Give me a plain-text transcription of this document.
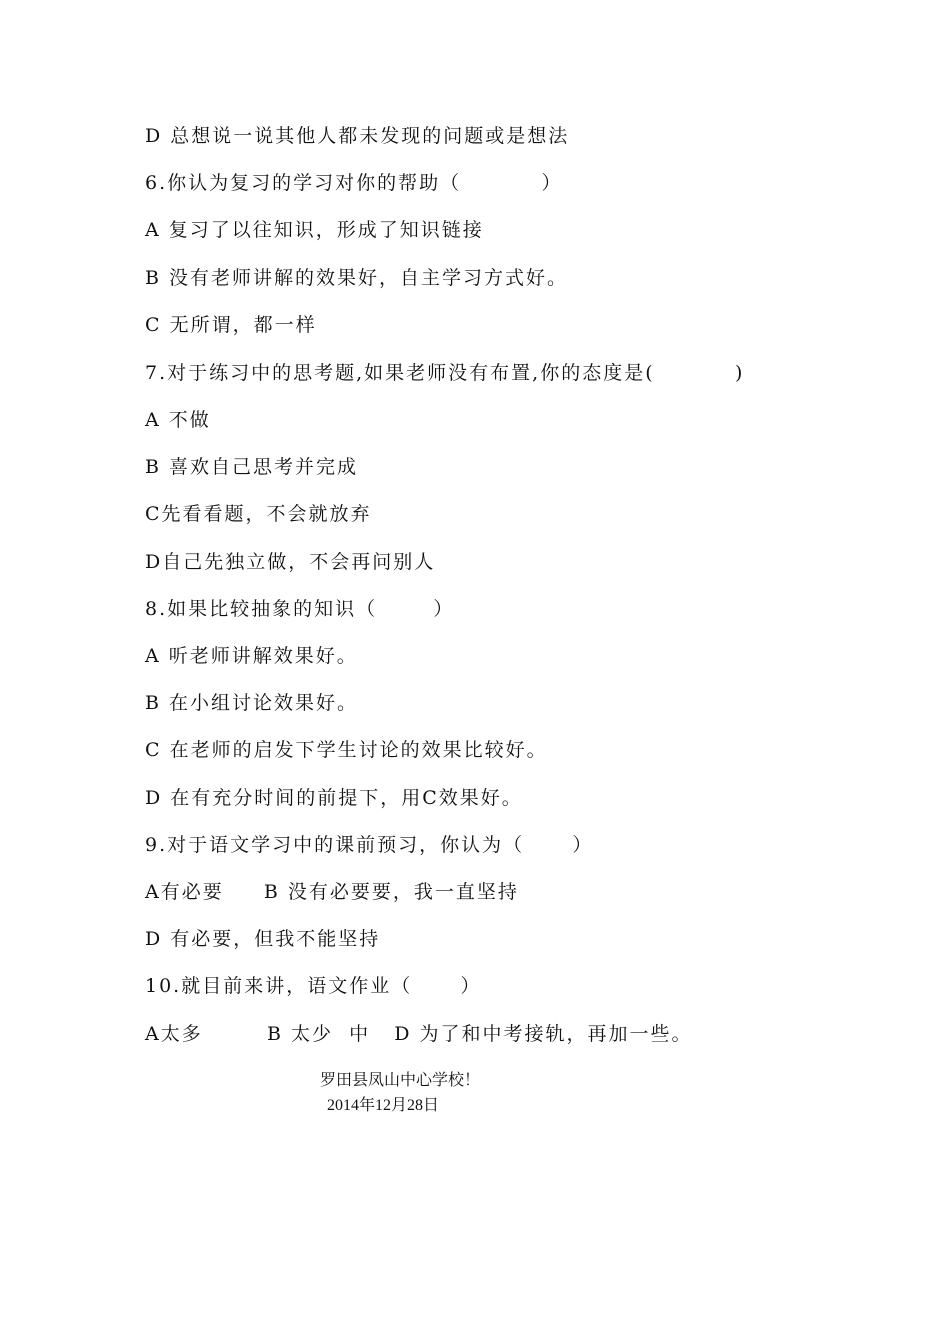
D 总想说一说其他人都未发现的问题或是想法
6.你认为复习的学习对你的帮助（          ）
A 复习了以往知识，形成了知识链接
B 没有老师讲解的效果好，自主学习方式好。
C 无所谓，都一样
7.对于练习中的思考题,如果老师没有布置,你的态度是(          )
A 不做
B 喜欢自己思考并完成
C先看看题，不会就放弃
D自己先独立做，不会再问别人
8.如果比较抽象的知识（       ）
A 听老师讲解效果好。
B 在小组讨论效果好。
C 在老师的启发下学生讨论的效果比较好。
D 在有充分时间的前提下，用C效果好。
9.对于语文学习中的课前预习，你认为（      ）
A有必要     B 没有必要要，我一直坚持
D 有必要，但我不能坚持
10.就目前来讲，语文作业（      ）
A太多        B 太少  中   D 为了和中考接轨，再加一些。
罗田县凤山中心学校！
2014年12月28日
